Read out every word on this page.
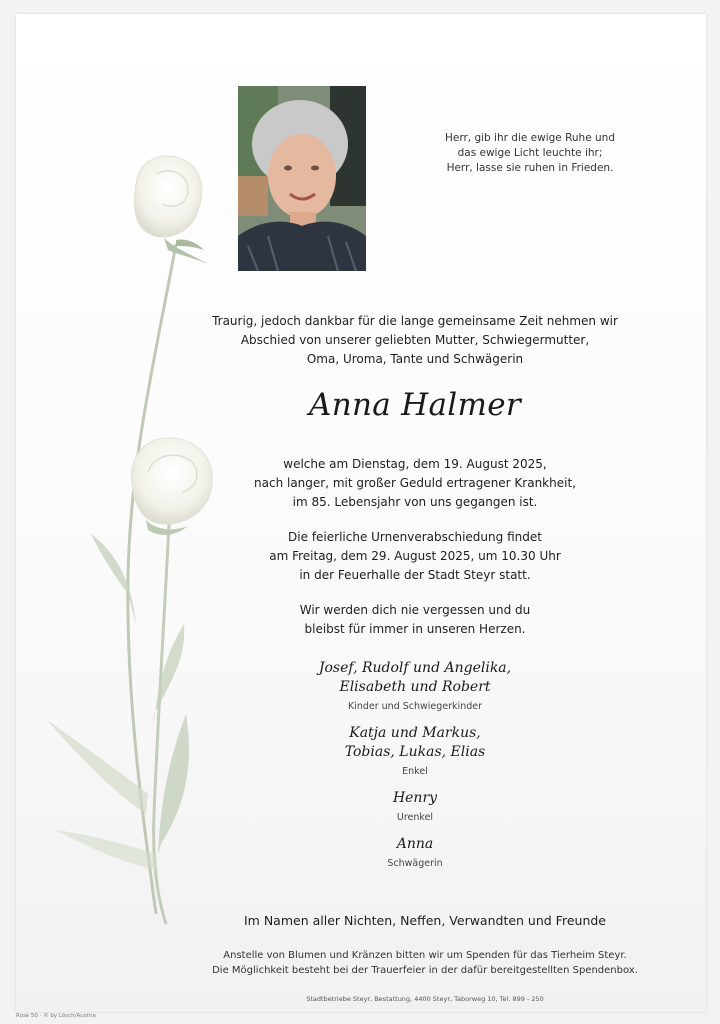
Herr, gib ihr die ewige Ruhe und
das ewige Licht leuchte ihr;
Herr, lasse sie ruhen in Frieden.
Traurig, jedoch dankbar für die lange gemeinsame Zeit nehmen wir
Abschied von unserer geliebten Mutter, Schwiegermutter,
Oma, Uroma, Tante und Schwägerin
Anna Halmer
welche am Dienstag, dem 19. August 2025,
nach langer, mit großer Geduld ertragener Krankheit,
im 85. Lebensjahr von uns gegangen ist.
Die feierliche Urnenverabschiedung findet
am Freitag, dem 29. August 2025, um 10.30 Uhr
in der Feuerhalle der Stadt Steyr statt.
Wir werden dich nie vergessen und du
bleibst für immer in unseren Herzen.
Josef, Rudolf und Angelika,
Elisabeth und Robert
Kinder und Schwiegerkinder
Katja und Markus,
Tobias, Lukas, Elias
Enkel
Henry
Urenkel
Anna
Schwägerin
Im Namen aller Nichten, Neffen, Verwandten und Freunde
Anstelle von Blumen und Kränzen bitten wir um Spenden für das Tierheim Steyr.
Die Möglichkeit besteht bei der Trauerfeier in der dafür bereitgestellten Spendenbox.
Stadtbetriebe Steyr, Bestattung, 4400 Steyr, Taborweg 10, Tel. 899 - 250
Rose 50 · © by Lösch/Austria
